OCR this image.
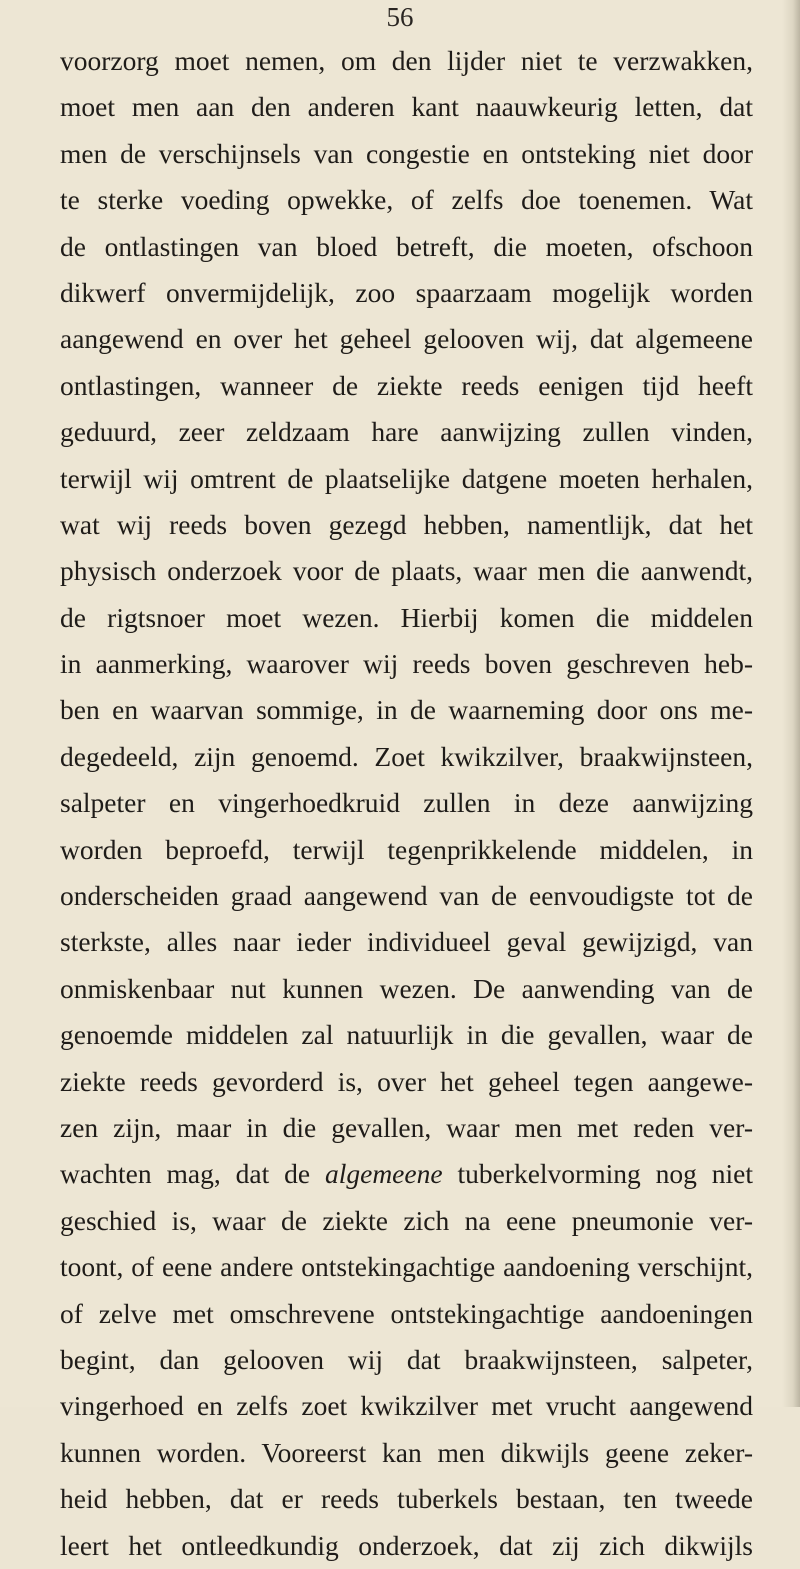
56
voorzorg moet nemen, om den lijder niet te verzwakken,
moet men aan den anderen kant naauwkeurig letten, dat
men de verschijnsels van congestie en ontsteking niet door
te sterke voeding opwekke, of zelfs doe toenemen. Wat
de ontlastingen van bloed betreft, die moeten, ofschoon
dikwerf onvermijdelijk, zoo spaarzaam mogelijk worden
aangewend en over het geheel gelooven wij, dat algemeene
ontlastingen, wanneer de ziekte reeds eenigen tijd heeft
geduurd, zeer zeldzaam hare aanwijzing zullen vinden,
terwijl wij omtrent de plaatselijke datgene moeten herhalen,
wat wij reeds boven gezegd hebben, namentlijk, dat het
physisch onderzoek voor de plaats, waar men die aanwendt,
de rigtsnoer moet wezen. Hierbij komen die middelen
in aanmerking, waarover wij reeds boven geschreven heb-
ben en waarvan sommige, in de waarneming door ons me-
degedeeld, zijn genoemd. Zoet kwikzilver, braakwijnsteen,
salpeter en vingerhoedkruid zullen in deze aanwijzing
worden beproefd, terwijl tegenprikkelende middelen, in
onderscheiden graad aangewend van de eenvoudigste tot de
sterkste, alles naar ieder individueel geval gewijzigd, van
onmiskenbaar nut kunnen wezen. De aanwending van de
genoemde middelen zal natuurlijk in die gevallen, waar de
ziekte reeds gevorderd is, over het geheel tegen aangewe-
zen zijn, maar in die gevallen, waar men met reden ver-
wachten mag, dat de algemeene tuberkelvorming nog niet
geschied is, waar de ziekte zich na eene pneumonie ver-
toont, of eene andere ontstekingachtige aandoening verschijnt,
of zelve met omschrevene ontstekingachtige aandoeningen
begint, dan gelooven wij dat braakwijnsteen, salpeter,
vingerhoed en zelfs zoet kwikzilver met vrucht aangewend
kunnen worden. Vooreerst kan men dikwijls geene zeker-
heid hebben, dat er reeds tuberkels bestaan, ten tweede
leert het ontleedkundig onderzoek, dat zij zich dikwijls
